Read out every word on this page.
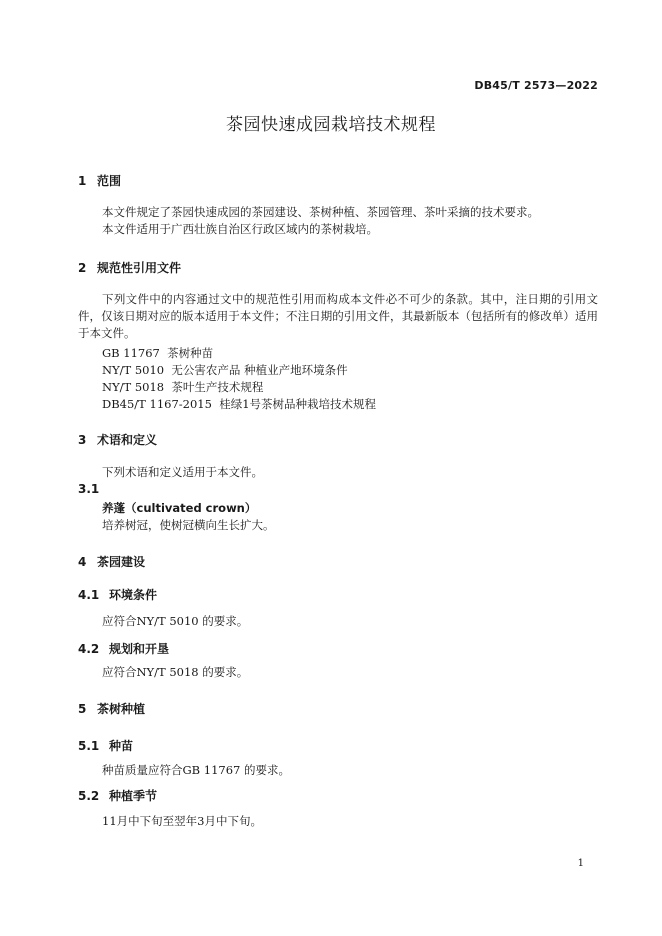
DB45/T 2573—2022
茶园快速成园栽培技术规程
1 范围
本文件规定了茶园快速成园的茶园建设、茶树种植、茶园管理、茶叶采摘的技术要求。
本文件适用于广西壮族自治区行政区域内的茶树栽培。
2 规范性引用文件
下列文件中的内容通过文中的规范性引用而构成本文件必不可少的条款。其中，注日期的引用文件，仅该日期对应的版本适用于本文件；不注日期的引用文件，其最新版本（包括所有的修改单）适用于本文件。
GB 11767  茶树种苗
NY/T 5010  无公害农产品 种植业产地环境条件
NY/T 5018  茶叶生产技术规程
DB45/T 1167-2015  桂绿1号茶树品种栽培技术规程
3 术语和定义
下列术语和定义适用于本文件。
3.1
养蓬（cultivated crown）
培养树冠，使树冠横向生长扩大。
4 茶园建设
4.1 环境条件
应符合NY/T 5010 的要求。
4.2 规划和开垦
应符合NY/T 5018 的要求。
5 茶树种植
5.1 种苗
种苗质量应符合GB 11767 的要求。
5.2 种植季节
11月中下旬至翌年3月中下旬。
1
